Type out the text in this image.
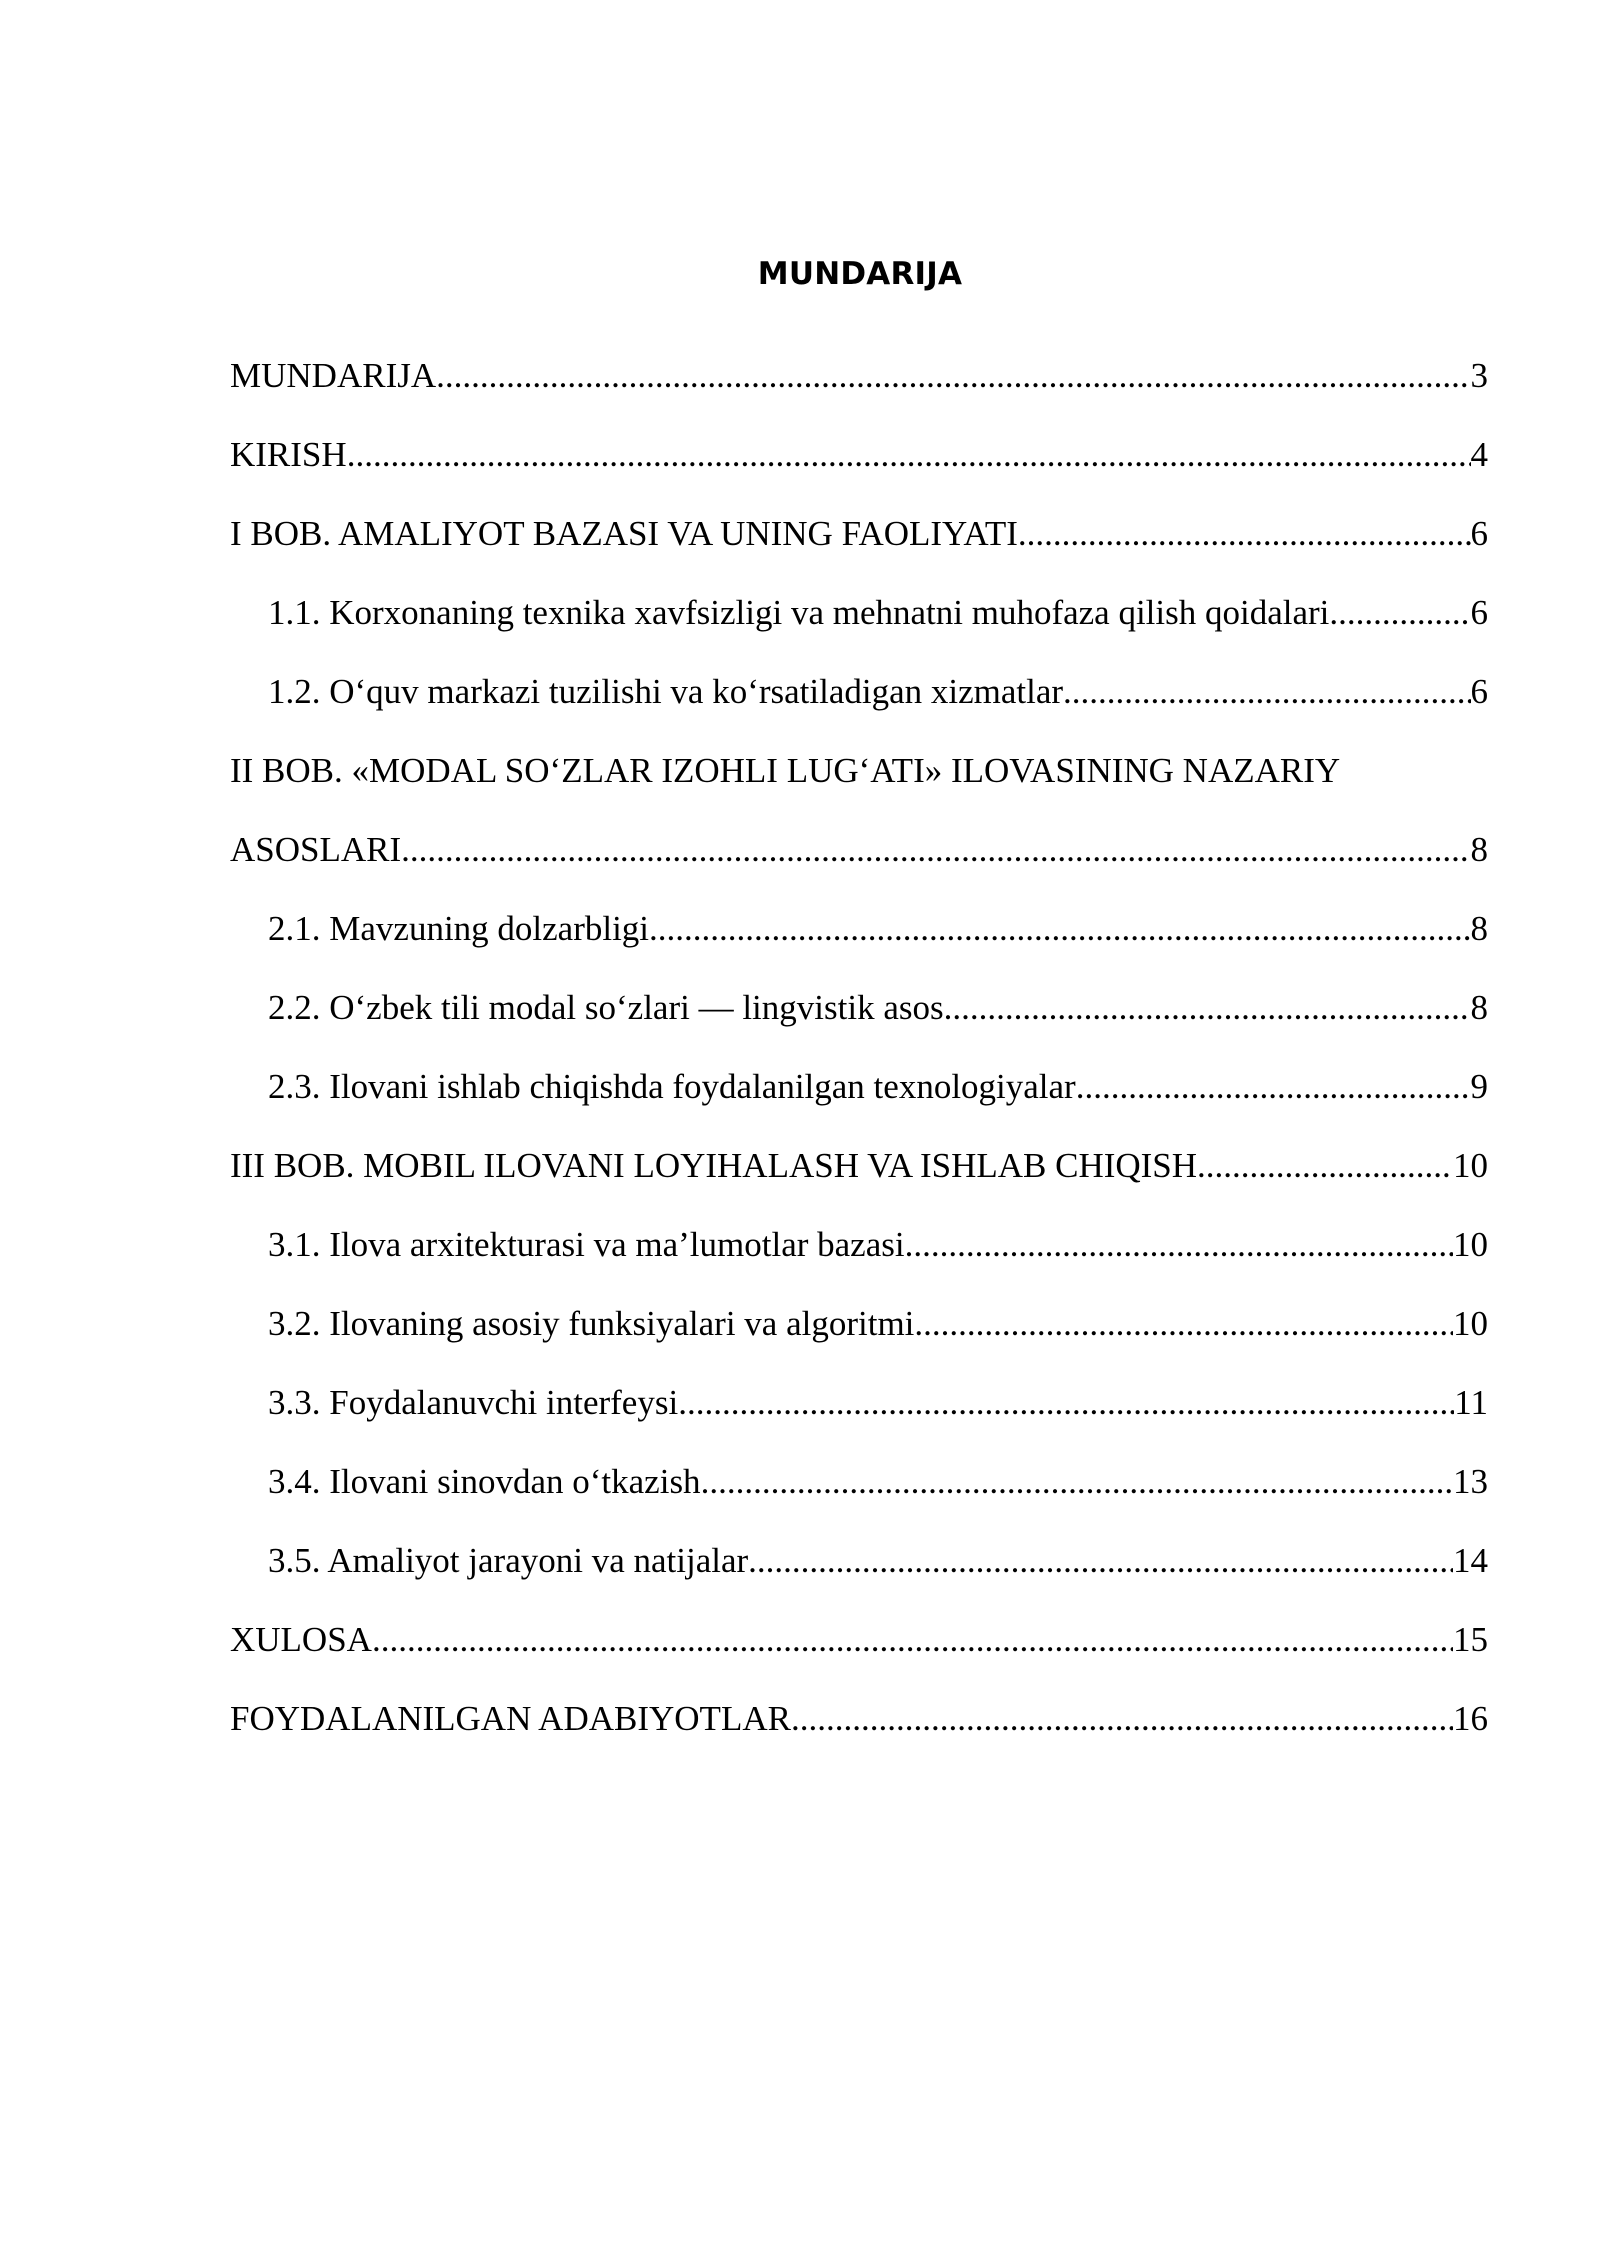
MUNDARIJA
MUNDARIJA .....	3
KIRISH .....	4
I BOB. AMALIYOT BAZASI VA UNING FAOLIYATI .....	6
1.1. Korxonaning texnika xavfsizligi va mehnatni muhofaza qilish qoidalari .....	6
1.2. O‘quv markazi tuzilishi va ko‘rsatiladigan xizmatlar .....	6
II BOB. «MODAL SO‘ZLAR IZOHLI LUG‘ATI» ILOVASINING NAZARIY
ASOSLARI .....	8
2.1. Mavzuning dolzarbligi .....	8
2.2. O‘zbek tili modal so‘zlari — lingvistik asos .....	8
2.3. Ilovani ishlab chiqishda foydalanilgan texnologiyalar .....	9
III BOB. MOBIL ILOVANI LOYIHALASH VA ISHLAB CHIQISH .....	10
3.1. Ilova arxitekturasi va ma’lumotlar bazasi .....	10
3.2. Ilovaning asosiy funksiyalari va algoritmi .....	10
3.3. Foydalanuvchi interfeysi .....	11
3.4. Ilovani sinovdan o‘tkazish .....	13
3.5. Amaliyot jarayoni va natijalar .....	14
XULOSA .....	15
FOYDALANILGAN ADABIYOTLAR .....	16
